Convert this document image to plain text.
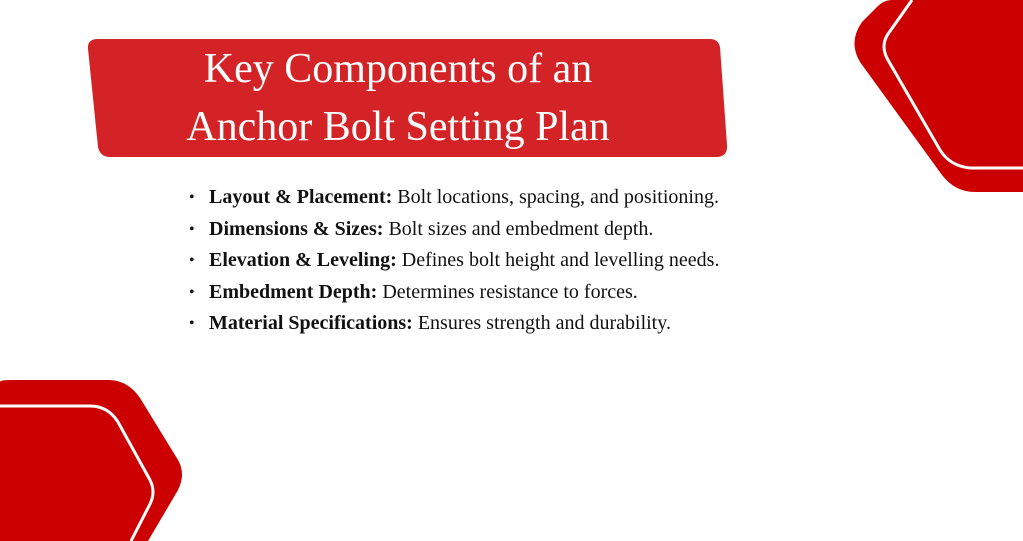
Key Components of an
Anchor Bolt Setting Plan
• Layout & Placement: Bolt locations, spacing, and positioning.
• Dimensions & Sizes: Bolt sizes and embedment depth.
• Elevation & Leveling: Defines bolt height and levelling needs.
• Embedment Depth: Determines resistance to forces.
• Material Specifications: Ensures strength and durability.
